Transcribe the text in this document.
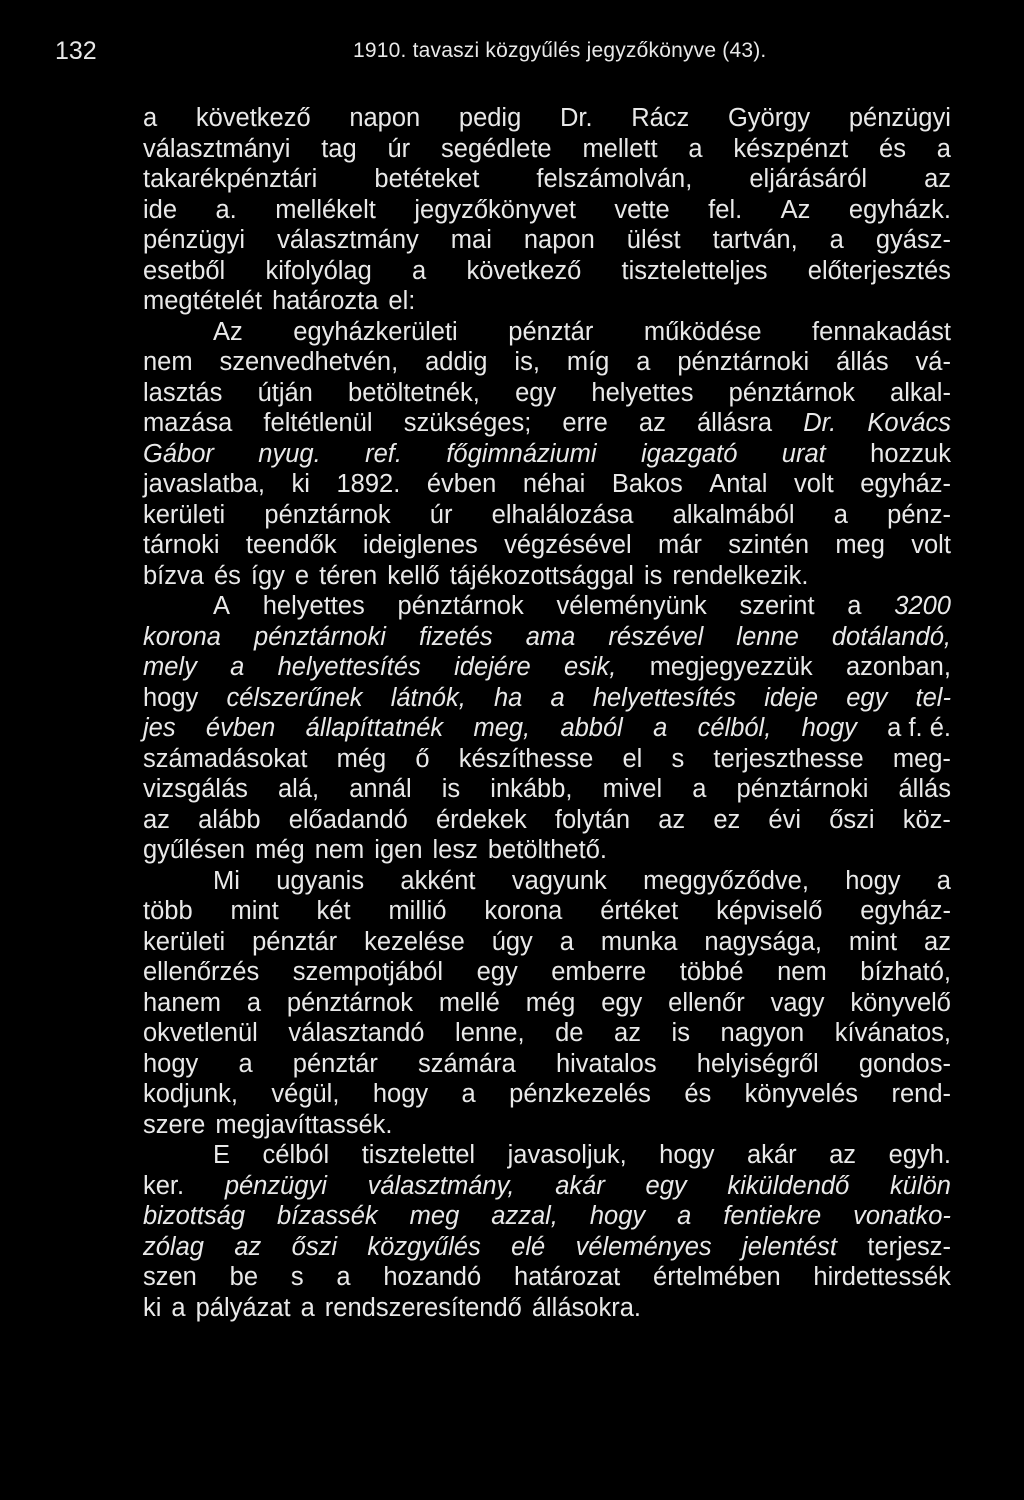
132	1910. tavaszi közgyűlés jegyzőkönyve (43).
a következő napon pedig Dr. Rácz György pénzügyi
választmányi tag úr segédlete mellett a készpénzt és a
takarékpénztári betéteket felszámolván, eljárásáról az
ide a. mellékelt jegyzőkönyvet vette fel. Az egyházk.
pénzügyi választmány mai napon ülést tartván, a gyász-
esetből kifolyólag a következő tiszteletteljes előterjesztés
megtételét határozta el:
Az egyházkerületi pénztár működése fennakadást
nem szenvedhetvén, addig is, míg a pénztárnoki állás vá-
lasztás útján betöltetnék, egy helyettes pénztárnok alkal-
mazása feltétlenül szükséges; erre az állásra Dr. Kovács
Gábor nyug. ref. főgimnáziumi igazgató urat hozzuk
javaslatba, ki 1892. évben néhai Bakos Antal volt egyház-
kerületi pénztárnok úr elhalálozása alkalmából a pénz-
tárnoki teendők ideiglenes végzésével már szintén meg volt
bízva és így e téren kellő tájékozottsággal is rendelkezik.
A helyettes pénztárnok véleményünk szerint a 3200
korona pénztárnoki fizetés ama részével lenne dotálandó,
mely a helyettesítés idejére esik, megjegyezzük azonban,
hogy célszerűnek látnók, ha a helyettesítés ideje egy tel-
jes évben állapíttatnék meg, abból a célból, hogy a f. é.
számadásokat még ő készíthesse el s terjeszthesse meg-
vizsgálás alá, annál is inkább, mivel a pénztárnoki állás
az alább előadandó érdekek folytán az ez évi őszi köz-
gyűlésen még nem igen lesz betölthető.
Mi ugyanis akként vagyunk meggyőződve, hogy a
több mint két millió korona értéket képviselő egyház-
kerületi pénztár kezelése úgy a munka nagysága, mint az
ellenőrzés szempotjából egy emberre többé nem bízható,
hanem a pénztárnok mellé még egy ellenőr vagy könyvelő
okvetlenül választandó lenne, de az is nagyon kívánatos,
hogy a pénztár számára hivatalos helyiségről gondos-
kodjunk, végül, hogy a pénzkezelés és könyvelés rend-
szere megjavíttassék.
E célból tisztelettel javasoljuk, hogy akár az egyh.
ker. pénzügyi választmány, akár egy kiküldendő külön
bizottság bízassék meg azzal, hogy a fentiekre vonatko-
zólag az őszi közgyűlés elé véleményes jelentést terjesz-
szen be s a hozandó határozat értelmében hirdettessék
ki a pályázat a rendszeresítendő állásokra.
